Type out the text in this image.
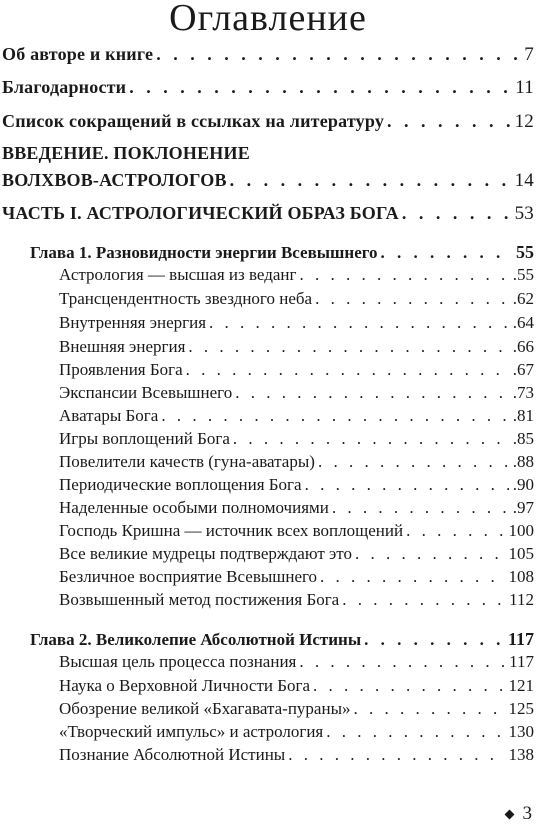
Оглавление
Об авторе и книге . . .	7
Благодарности . . .	11
Список сокращений в ссылках на литературу . . .	12
ВВЕДЕНИЕ. ПОКЛОНЕНИЕ
ВОЛХВОВ-АСТРОЛОГОВ . . .	14
ЧАСТЬ I. АСТРОЛОГИЧЕСКИЙ ОБРАЗ БОГА . . .	53
Глава 1. Разновидности энергии Всевышнего . . .	55
Астрология — высшая из веданг . . .	.55
Трансцендентность звездного неба . . .	.62
Внутренняя энергия . . .	.64
Внешняя энергия . . .	.66
Проявления Бога . . .	.67
Экспансии Всевышнего . . .	.73
Аватары Бога . . .	.81
Игры воплощений Бога . . .	.85
Повелители качеств (гуна-аватары) . . .	.88
Периодические воплощения Бога . . .	.90
Наделенные особыми полномочиями . . .	.97
Господь Кришна — источник всех воплощений . . .	100
Все великие мудрецы подтверждают это . . .	105
Безличное восприятие Всевышнего . . .	108
Возвышенный метод постижения Бога . . .	112
Глава 2. Великолепие Абсолютной Истины . . .	117
Высшая цель процесса познания . . .	117
Наука о Верховной Личности Бога . . .	121
Обозрение великой «Бхагавата-пураны» . . .	125
«Творческий импульс» и астрология . . .	130
Познание Абсолютной Истины . . .	138
3
